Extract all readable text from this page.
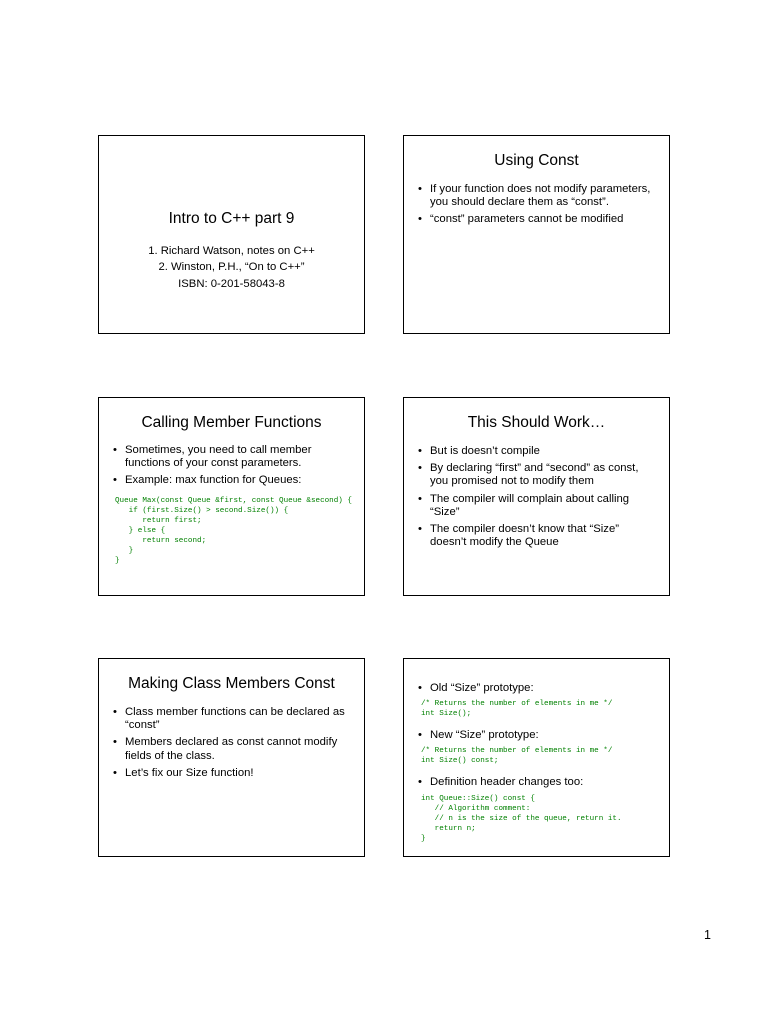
Intro to C++ part 9
1. Richard Watson, notes on C++
2. Winston, P.H., “On to C++”
ISBN: 0-201-58043-8
Using Const
• If your function does not modify parameters, you should declare them as “const”.
• “const” parameters cannot be modified
Calling Member Functions
• Sometimes, you need to call member functions of your const parameters.
• Example: max function for Queues:
Queue Max(const Queue &first, const Queue &second) {
if (first.Size() > second.Size()) {
return first;
} else {
return second;
}
}
This Should Work…
• But is doesn’t compile
• By declaring “first” and “second” as const, you promised not to modify them
• The compiler will complain about calling “Size”
• The compiler doesn’t know that “Size” doesn’t modify the Queue
Making Class Members Const
• Class member functions can be declared as “const”
• Members declared as const cannot modify fields of the class.
• Let’s fix our Size function!
• Old “Size” prototype:
/* Returns the number of elements in me */
int Size();
• New “Size” prototype:
/* Returns the number of elements in me */
int Size() const;
• Definition header changes too:
int Queue::Size() const {
// Algorithm comment:
// n is the size of the queue, return it.
return n;
}
1
